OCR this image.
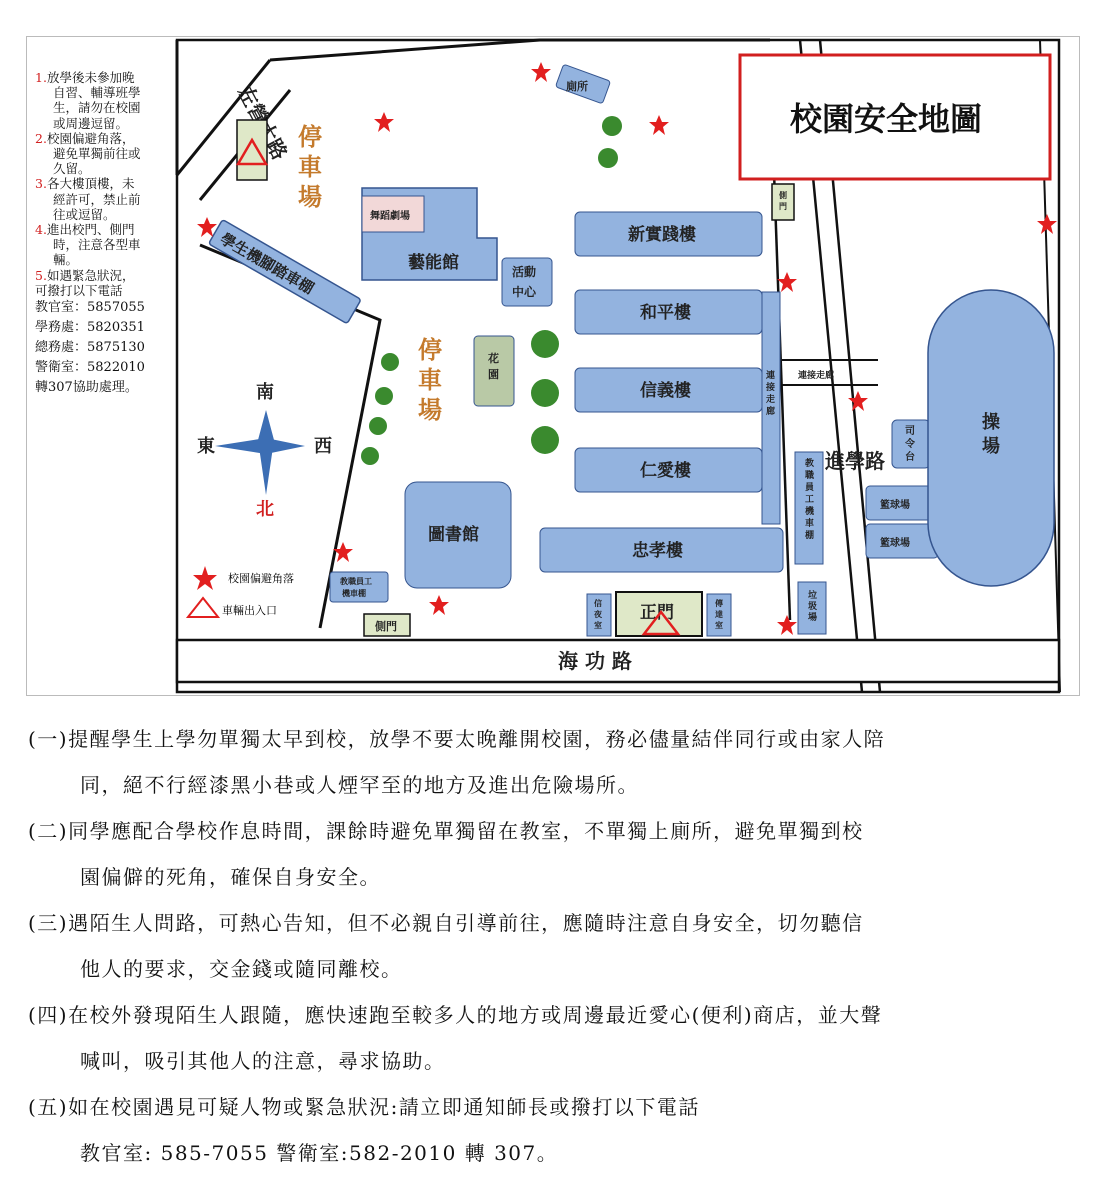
1.放學後未參加晚
自習、輔導班學
生，請勿在校園
或周邊逗留。
2.校園偏避角落，
避免單獨前往或
久留。
3.各大樓頂樓，未
經許可，禁止前
往或逗留。
4.進出校門、側門
時，注意各型車
輛。
5.如遇緊急狀況，
可撥打以下電話
教官室：5857055
學務處：5820351
總務處：5875130
警衛室：5822010
轉307協助處理。
海 功 路
進學路
學生機腳踏車棚
停車場
停車場
廁所
舞蹈劇場
藝能館	活動 中心
新實踐樓
和平樓
信義樓
仁愛樓
忠孝樓
連接走廊
連接走廊
花園
圖書館
教職員工 機車棚
側門
信夜室
正門	傳達室
教職員工機車棚
垃圾場
側門
司令台
籃球場
籃球場
操場
校園安全地圖
南
東	西
北
校園偏避角落
車輛出入口
(一)提醒學生上學勿單獨太早到校，放學不要太晚離開校園，務必儘量結伴同行或由家人陪
同，絕不行經漆黑小巷或人煙罕至的地方及進出危險場所。
(二)同學應配合學校作息時間，課餘時避免單獨留在教室，不單獨上廁所，避免單獨到校
園偏僻的死角，確保自身安全。
(三)遇陌生人問路，可熱心告知，但不必親自引導前往，應隨時注意自身安全，切勿聽信
他人的要求，交金錢或隨同離校。
(四)在校外發現陌生人跟隨，應快速跑至較多人的地方或周邊最近愛心(便利)商店，並大聲
喊叫，吸引其他人的注意，尋求協助。
(五)如在校園遇見可疑人物或緊急狀況:請立即通知師長或撥打以下電話
教官室: 585-7055 警衛室:582-2010 轉 307。
